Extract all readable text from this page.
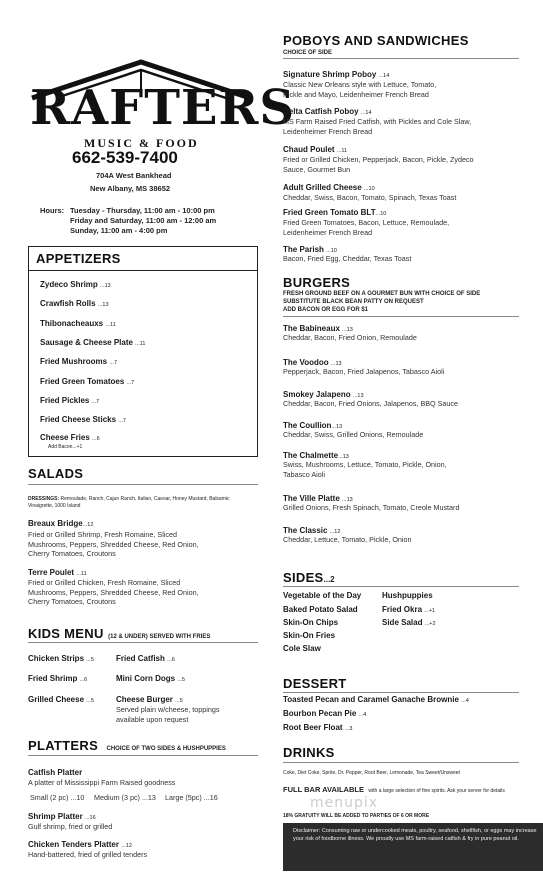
RAFTERS
MUSIC & FOOD
662-539-7400
704A West Bankhead
New Albany, MS 38652
Hours: Tuesday - Thursday, 11:00 am - 10:00 pm
Friday and Saturday, 11:00 am - 12:00 am
Sunday, 11:00 am - 4:00 pm
APPETIZERS
Zydeco Shrimp ...13
Crawfish Rolls ...13
Thibonacheauxs ...11
Sausage & Cheese Plate ...11
Fried Mushrooms ...7
Fried Green Tomatoes ...7
Fried Pickles ...7
Fried Cheese Sticks ...7
Cheese Fries ...6
Add Bacon...+1
SALADS
DRESSINGS: Remoulade, Ranch, Cajun Ranch, Italian, Caesar, Honey Mustard, Balsamic Vinaigrette, 1000 Island
Breaux Bridge...12
Fried or Grilled Shrimp, Fresh Romaine, Sliced
Mushrooms, Peppers, Shredded Cheese, Red Onion,
Cherry Tomatoes, Croutons
Terre Poulet ...11
Fried or Grilled Chicken, Fresh Romaine, Sliced
Mushrooms, Peppers, Shredded Cheese, Red Onion,
Cherry Tomatoes, Croutons
KIDS MENU (12 & UNDER) SERVED WITH FRIES
Chicken Strips ...5
Fried Shrimp ...6
Grilled Cheese ...5
Fried Catfish ...6
Mini Corn Dogs ...5
Cheese Burger ...5
Served plain w/cheese, toppings
available upon request
PLATTERS CHOICE OF TWO SIDES & HUSHPUPPIES
Catfish Platter
A platter of Mississippi Farm Raised goodness
Small (2 pc) ...10 Medium (3 pc) ...13 Large (5pc) ...16
Shrimp Platter ...16
Gulf shrimp, fried or grilled
Chicken Tenders Platter ...12
Hand-battered, fried of grilled tenders
POBOYS AND SANDWICHES
CHOICE OF SIDE
Signature Shrimp Poboy ...14
Classic New Orleans style with Lettuce, Tomato,
Pickle and Mayo, Leidenheimer French Bread
Delta Catfish Poboy ...14
MS Farm Raised Fried Catfish, with Pickles and Cole Slaw,
Leidenheimer French Bread
Chaud Poulet ...11
Fried or Grilled Chicken, Pepperjack, Bacon, Pickle, Zydeco
Sauce, Gourmet Bun
Adult Grilled Cheese ...10
Cheddar, Swiss, Bacon, Tomato, Spinach, Texas Toast
Fried Green Tomato BLT...10
Fried Green Tomatoes, Bacon, Lettuce, Remoulade,
Leidenheimer French Bread
The Parish ...10
Bacon, Fried Egg, Cheddar, Texas Toast
BURGERS
FRESH GROUND BEEF ON A GOURMET BUN WITH CHOICE OF SIDE
SUBSTITUTE BLACK BEAN PATTY ON REQUEST
ADD BACON OR EGG FOR $1
The Babineaux ...13
Cheddar, Bacon, Fried Onion, Remoulade
The Voodoo ...13
Pepperjack, Bacon, Fried Jalapenos, Tabasco Aioli
Smokey Jalapeno ...13
Cheddar, Bacon, Fried Onions, Jalapenos, BBQ Sauce
The Coullion...13
Cheddar, Swiss, Grilled Onions, Remoulade
The Chalmette...13
Swiss, Mushrooms, Lettuce, Tomato, Pickle, Onion,
Tabasco Aioli
The Ville Platte ...13
Grilled Onions, Fresh Spinach, Tomato, Creole Mustard
The Classic ...12
Cheddar, Lettuce, Tomato, Pickle, Onion
SIDES...2
Vegetable of the Day
Baked Potato Salad
Skin-On Chips
Skin-On Fries
Cole Slaw
Hushpuppies
Fried Okra ...+1
Side Salad ...+2
DESSERT
Toasted Pecan and Caramel Ganache Brownie ...4
Bourbon Pecan Pie ...4
Root Beer Float ...3
DRINKS
Coke, Diet Coke, Sprite, Dr. Pepper, Root Beer, Lemonade, Tea Sweet/Unsweet
FULL BAR AVAILABLE with a large selection of fine spirits. Ask your server for details
menupix
18% GRATUITY WILL BE ADDED TO PARTIES OF 6 OR MORE
Disclaimer: Consuming raw or undercooked meats, poultry, seafood, shellfish, or eggs may increase your risk of foodborne illness. We proudly use MS farm-raised catfish & fry in pure peanut oil.
